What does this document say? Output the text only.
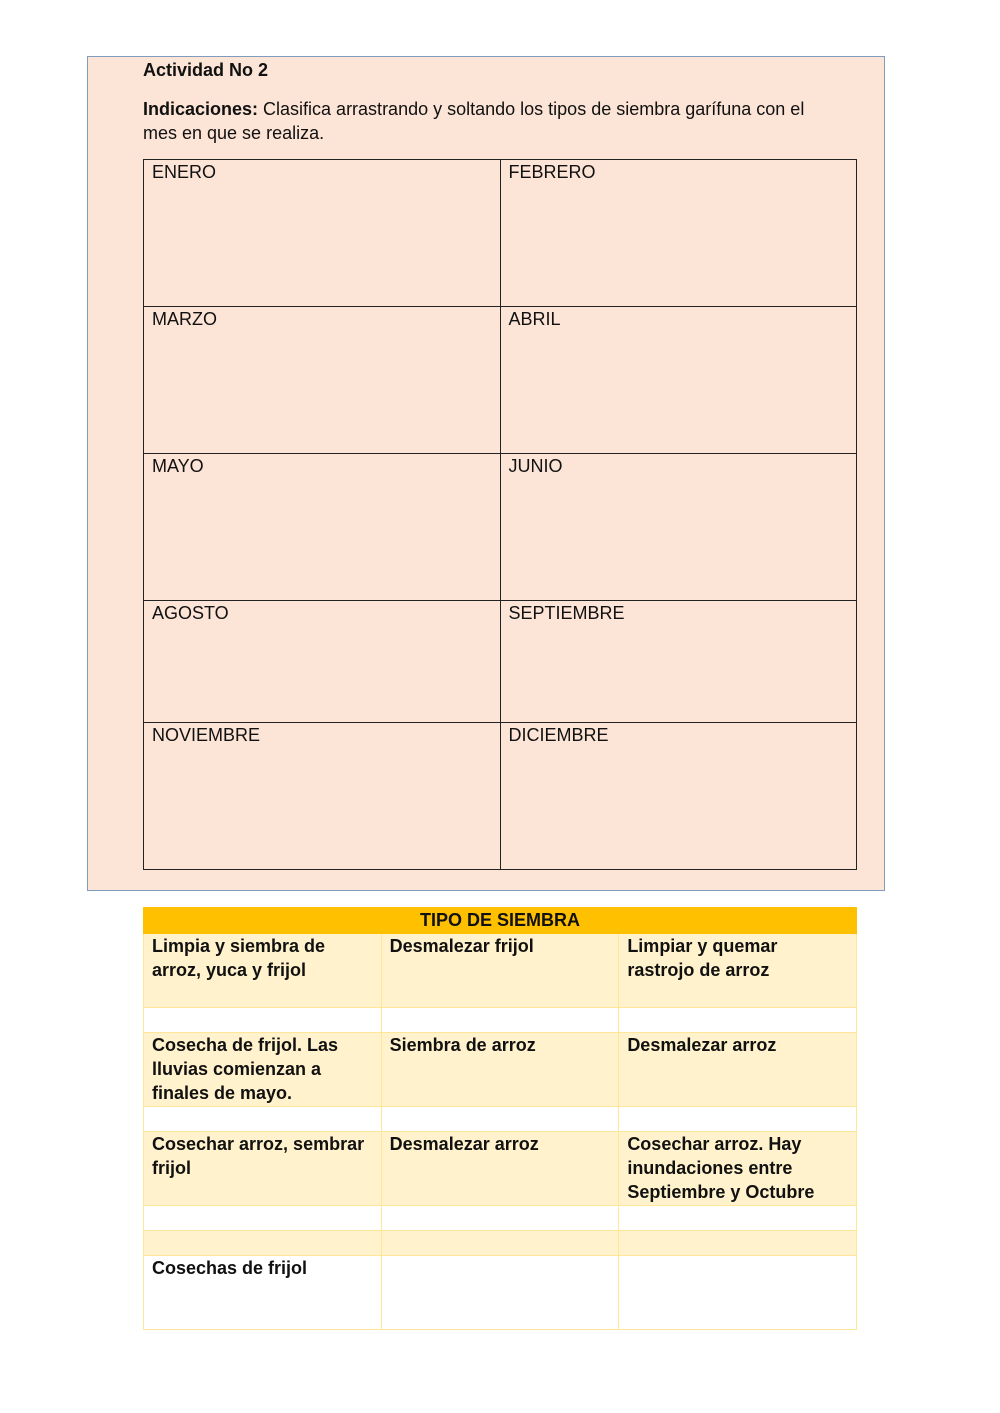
Actividad No 2
Indicaciones: Clasifica arrastrando y soltando los tipos de siembra garífuna con el mes en que se realiza.
ENERO	FEBRERO
MARZO	ABRIL
MAYO	JUNIO
AGOSTO	SEPTIEMBRE
NOVIEMBRE	DICIEMBRE
TIPO DE SIEMBRA		
Limpia y siembra de arroz, yuca y frijol	Desmalezar frijol	Limpiar y quemar rastrojo de arroz

Cosecha de frijol. Las lluvias comienzan a finales de mayo.	Siembra de arroz	Desmalezar arroz

Cosechar arroz, sembrar frijol	Desmalezar arroz	Cosechar arroz. Hay inundaciones entre Septiembre y Octubre

Cosechas de frijol		
